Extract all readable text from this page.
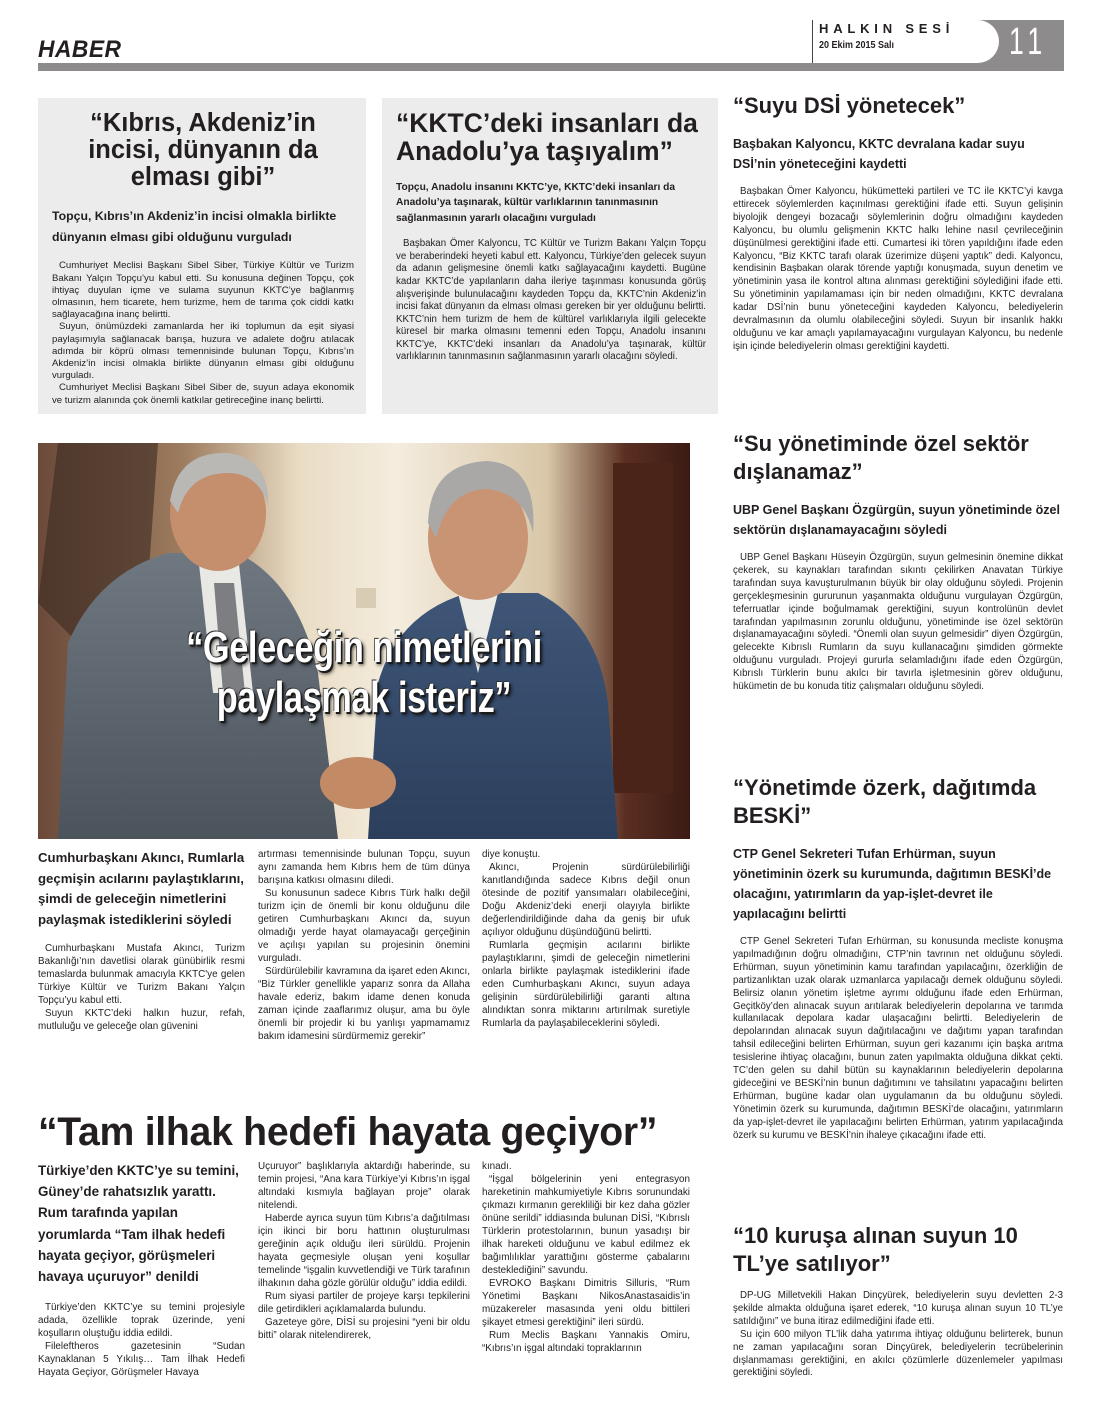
HABER
HALKIN SESİ
20 Ekim 2015 Salı	11
“Kıbrıs, Akdeniz’in incisi, dünyanın da elması gibi”
Topçu, Kıbrıs’ın Akdeniz’in incisi olmakla birlikte dünyanın elması gibi olduğunu vurguladı

Cumhuriyet Meclisi Başkanı Sibel Siber, Türkiye Kültür ve Turizm Bakanı Yalçın Topçu’yu kabul etti. Su konusuna değinen Topçu, çok ihtiyaç duyulan içme ve sulama suyunun KKTC’ye bağlanmış olmasının, hem ticarete, hem turizme, hem de tarıma çok ciddi katkı sağlayacağına inanç belirtti.

Suyun, önümüzdeki zamanlarda her iki toplumun da eşit siyasi paylaşımıyla sağlanacak barışa, huzura ve adalete doğru atılacak adımda bir köprü olması temennisinde bulunan Topçu, Kıbrıs’ın Akdeniz’in incisi olmakla birlikte dünyanın elması gibi olduğunu vurguladı.

Cumhuriyet Meclisi Başkanı Sibel Siber de, suyun adaya ekonomik ve turizm alanında çok önemli katkılar getireceğine inanç belirtti.

“KKTC’deki insanları da Anadolu’ya taşıyalım”
Topçu, Anadolu insanını KKTC’ye, KKTC’deki insanları da Anadolu’ya taşınarak, kültür varlıklarının tanınmasının sağlanmasının yararlı olacağını vurguladı

Başbakan Ömer Kalyoncu, TC Kültür ve Turizm Bakanı Yalçın Topçu ve beraberindeki heyeti kabul ett. Kalyoncu, Türkiye’den gelecek suyun da adanın gelişmesine önemli katkı sağlayacağını kaydetti. Bugüne kadar KKTC’de yapılanların daha ileriye taşınması konusunda görüş alışverişinde bulunulacağını kaydeden Topçu da, KKTC’nin Akdeniz’in incisi fakat dünyanın da elması olması gereken bir yer olduğunu belirtti. KKTC’nin hem turizm de hem de kültürel varlıklarıyla ilgili gelecekte küresel bir marka olmasını temenni eden Topçu, Anadolu insanını KKTC’ye, KKTC’deki insanları da Anadolu’ya taşınarak, kültür varlıklarının tanınmasının sağlanmasının yararlı olacağını söyledi.

“Suyu DSİ yönetecek”
Başbakan Kalyoncu, KKTC devralana kadar suyu DSİ’nin yöneteceğini kaydetti

Başbakan Ömer Kalyoncu, hükümetteki partileri ve TC ile KKTC’yi kavga ettirecek söylemlerden kaçınılması gerektiğini ifade etti. Suyun gelişinin biyolojik dengeyi bozacağı söylemlerinin doğru olmadığını kaydeden Kalyoncu, bu olumlu gelişmenin KKTC halkı lehine nasıl çevrileceğinin düşünülmesi gerektiğini ifade etti. Cumartesi iki tören yapıldığını ifade eden Kalyoncu, “Biz KKTC tarafı olarak üzerimize düşeni yaptık” dedi. Kalyoncu, kendisinin Başbakan olarak törende yaptığı konuşmada, suyun denetim ve yönetiminin yasa ile kontrol altına alınması gerektiğini söylediğini ifade etti. Su yönetiminin yapılamaması için bir neden olmadığını, KKTC devralana kadar DSİ’nin bunu yöneteceğini kaydeden Kalyoncu, belediyelerin devralmasının da olumlu olabileceğini söyledi. Suyun bir insanlık hakkı olduğunu ve kar amaçlı yapılamayacağını vurgulayan Kalyoncu, bu nedenle işin içinde belediyelerin olması gerektiğini kaydetti.

“Su yönetiminde özel sektör dışlanamaz”
UBP Genel Başkanı Özgürgün, suyun yönetiminde özel sektörün dışlanamayacağını söyledi

UBP Genel Başkanı Hüseyin Özgürgün, suyun gelmesinin önemine dikkat çekerek, su kaynakları tarafından sıkıntı çekilirken Anavatan Türkiye tarafından suya kavuşturulmanın büyük bir olay olduğunu söyledi. Projenin gerçekleşmesinin gururunun yaşanmakta olduğunu vurgulayan Özgürgün, teferruatlar içinde boğulmamak gerektiğini, suyun kontrolünün devlet tarafından yapılmasının zorunlu olduğunu, yönetiminde ise özel sektörün dışlanamayacağını söyledi. “Önemli olan suyun gelmesidir” diyen Özgürgün, gelecekte Kıbrıslı Rumların da suyu kullanacağını şimdiden görmekte olduğunu vurguladı. Projeyi gururla selamladığını ifade eden Özgürgün, Kıbrıslı Türklerin bunu akılcı bir tavırla işletmesinin görev olduğunu, hükümetin de bu konuda titiz çalışmaları olduğunu söyledi.

“Yönetimde özerk, dağıtımda BESKİ”
CTP Genel Sekreteri Tufan Erhürman, suyun yönetiminin özerk su kurumunda, dağıtımın BESKİ’de olacağını, yatırımların da yap-işlet-devret ile yapılacağını belirtti

CTP Genel Sekreteri Tufan Erhürman, su konusunda mecliste konuşma yapılmadığının doğru olmadığını, CTP’nin tavrının net olduğunu söyledi. Erhürman, suyun yönetiminin kamu tarafından yapılacağını, özerkliğin de partizanlıktan uzak olarak uzmanlarca yapılacağı demek olduğunu söyledi. Belirsiz olanın yönetim işletme ayrımı olduğunu ifade eden Erhürman, Geçitköy’den alınacak suyun arıtılarak belediyelerin depolarına ve tarımda kullanılacak depolara kadar ulaşacağını belirtti. Belediyelerin de depolarından alınacak suyun dağıtılacağını ve dağıtımı yapan tarafından tahsil edileceğini belirten Erhürman, suyun geri kazanımı için başka arıtma tesislerine ihtiyaç olacağını, bunun zaten yapılmakta olduğuna dikkat çekti. TC’den gelen su dahil bütün su kaynaklarının belediyelerin depolarına gideceğini ve BESKİ’nin bunun dağıtımını ve tahsilatını yapacağını belirten Erhürman, bugüne kadar olan uygulamanın da bu olduğunu söyledi. Yönetimin özerk su kurumunda, dağıtımın BESKİ’de olacağını, yatırımların da yap-işlet-devret ile yapılacağını belirten Erhürman, yatırım yapılacağında özerk su kurumu ve BESKİ’nin ihaleye çıkacağını ifade etti.

“10 kuruşa alınan suyun 10 TL’ye satılıyor”

DP-UG Milletvekili Hakan Dinçyürek, belediyelerin suyu devletten 2-3 şekilde almakta olduğuna işaret ederek, “10 kuruşa alınan suyun 10 TL’ye satıldığını” ve buna itiraz edilmediğini ifade etti.

Su için 600 milyon TL’lik daha yatırıma ihtiyaç olduğunu belirterek, bunun ne zaman yapılacağını soran Dinçyürek, belediyelerin tecrübelerinin dışlanmaması gerektiğini, en akılcı çözümlerle düzenlemeler yapılması gerektiğini söyledi.

“Geleceğin nimetlerini
paylaşmak isteriz”
Cumhurbaşkanı Akıncı, Rumlarla geçmişin acılarını paylaştıklarını, şimdi de geleceğin nimetlerini paylaşmak istediklerini söyledi

Cumhurbaşkanı Mustafa Akıncı, Turizm Bakanlığı’nın davetlisi olarak günübirlik resmi temaslarda bulunmak amacıyla KKTC'ye gelen Türkiye Kültür ve Turizm Bakanı Yalçın Topçu’yu kabul etti.

Suyun KKTC’deki halkın huzur, refah, mutluluğu ve geleceğe olan güvenini

artırması temennisinde bulunan Topçu, suyun aynı zamanda hem Kıbrıs hem de tüm dünya barışına katkısı olmasını diledi.

Su konusunun sadece Kıbrıs Türk halkı değil turizm için de önemli bir konu olduğunu dile getiren Cumhurbaşkanı Akıncı da, suyun olmadığı yerde hayat olamayacağı gerçeğinin ve açılışı yapılan su projesinin önemini vurguladı.

Sürdürülebilir kavramına da işaret eden Akıncı, “Biz Türkler genellikle yaparız sonra da Allaha havale ederiz, bakım idame denen konuda zaman içinde zaaflarımız oluşur, ama bu öyle önemli bir projedir ki bu yanlışı yapmamamız bakım idamesini sürdürmemiz gerekir”

diye konuştu.

Akıncı, Projenin sürdürülebilirliği kanıtlandığında sadece Kıbrıs değil onun ötesinde de pozitif yansımaları olabileceğini, Doğu Akdeniz’deki enerji olayıyla birlikte değerlendirildiğinde daha da geniş bir ufuk açılıyor olduğunu düşündüğünü belirtti.

Rumlarla geçmişin acılarını birlikte paylaştıklarını, şimdi de geleceğin nimetlerini onlarla birlikte paylaşmak istediklerini ifade eden Cumhurbaşkanı Akıncı, suyun adaya gelişinin sürdürülebilirliği garanti altına alındıktan sonra miktarını artırılmak suretiyle Rumlarla da paylaşabileceklerini söyledi.

“Tam ilhak hedefi hayata geçiyor”
Türkiye’den KKTC’ye su temini, Güney’de rahatsızlık yarattı. Rum tarafında yapılan yorumlarda “Tam ilhak hedefi hayata geçiyor, görüşmeleri havaya uçuruyor” denildi

Türkiye’den KKTC’ye su temini projesiyle adada, özellikle toprak üzerinde, yeni koşulların oluştuğu iddia edildi.

Fileleftheros gazetesinin “Sudan Kaynaklanan 5 Yıkılış… Tam İlhak Hedefi Hayata Geçiyor, Görüşmeler Havaya

Uçuruyor” başlıklarıyla aktardığı haberinde, su temin projesi, “Ana kara Türkiye’yi Kıbrıs’ın işgal altındaki kısmıyla bağlayan proje” olarak nitelendi.

Haberde ayrıca suyun tüm Kıbrıs’a dağıtılması için ikinci bir boru hattının oluşturulması gereğinin açık olduğu ileri sürüldü. Projenin hayata geçmesiyle oluşan yeni koşullar temelinde “işgalin kuvvetlendiği ve Türk tarafının ilhakının daha gözle görülür olduğu” iddia edildi.

Rum siyasi partiler de projeye karşı tepkilerini dile getirdikleri açıklamalarda bulundu.

Gazeteye göre, DİSİ su projesini “yeni bir oldu bitti” olarak nitelendirerek,

kınadı.

“İşgal bölgelerinin yeni entegrasyon hareketinin mahkumiyetiyle Kıbrıs sorunundaki çıkmazı kırmanın gerekliliği bir kez daha gözler önüne serildi” iddiasında bulunan DİSİ, “Kıbrıslı Türklerin protestolarının, bunun yasadışı bir ilhak hareketi olduğunu ve kabul edilmez ek bağımlılıklar yarattığını gösterme çabalarını desteklediğini” savundu.

EVROKO Başkanı Dimitris Silluris, “Rum Yönetimi Başkanı NikosAnastasaidis’in müzakereler masasında yeni oldu bittileri şikayet etmesi gerektiğini” ileri sürdü.

Rum Meclis Başkanı Yannakis Omiru, “Kıbrıs’ın işgal altındaki topraklarının
